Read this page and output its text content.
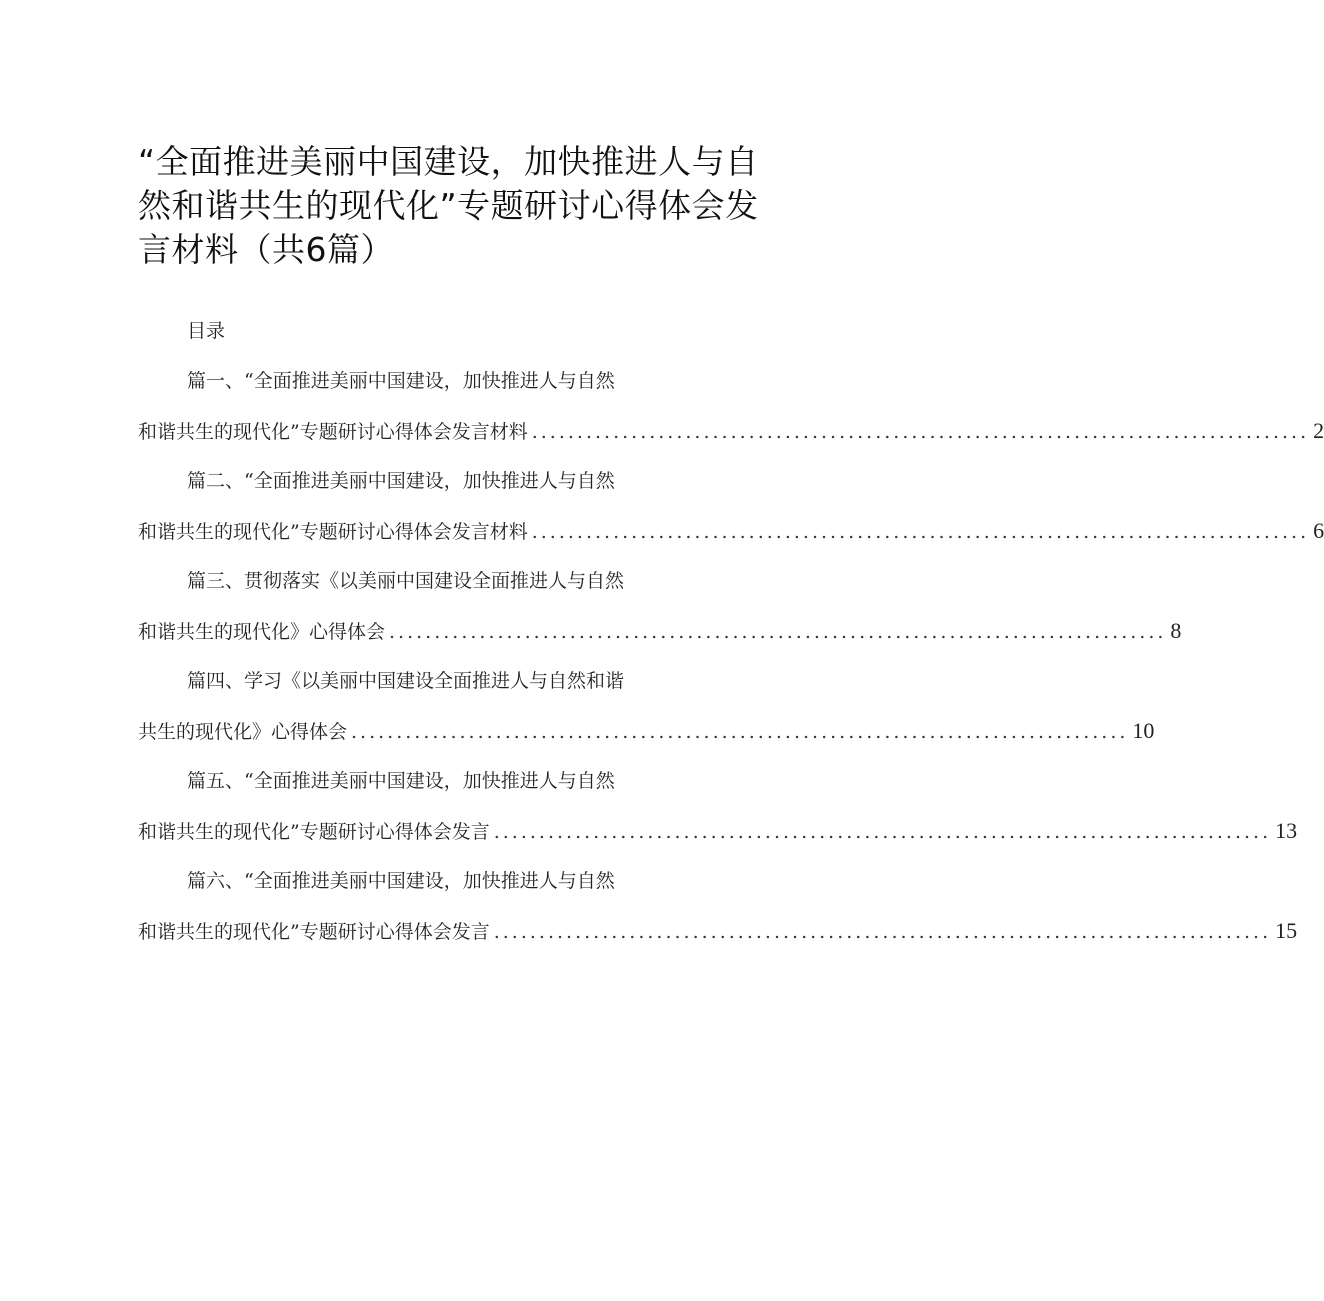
“全面推进美丽中国建设，加快推进人与自
然和谐共生的现代化”专题研讨心得体会发
言材料（共6篇）
目录
篇一、“全面推进美丽中国建设，加快推进人与自然
和谐共生的现代化”专题研讨心得体会发言材料 ...................................................................................... 2
篇二、“全面推进美丽中国建设，加快推进人与自然
和谐共生的现代化”专题研讨心得体会发言材料 ...................................................................................... 6
篇三、贯彻落实《以美丽中国建设全面推进人与自然
和谐共生的现代化》心得体会 ...................................................................................... 8
篇四、学习《以美丽中国建设全面推进人与自然和谐
共生的现代化》心得体会 ...................................................................................... 10
篇五、“全面推进美丽中国建设，加快推进人与自然
和谐共生的现代化”专题研讨心得体会发言 ...................................................................................... 13
篇六、“全面推进美丽中国建设，加快推进人与自然
和谐共生的现代化”专题研讨心得体会发言 ...................................................................................... 15
